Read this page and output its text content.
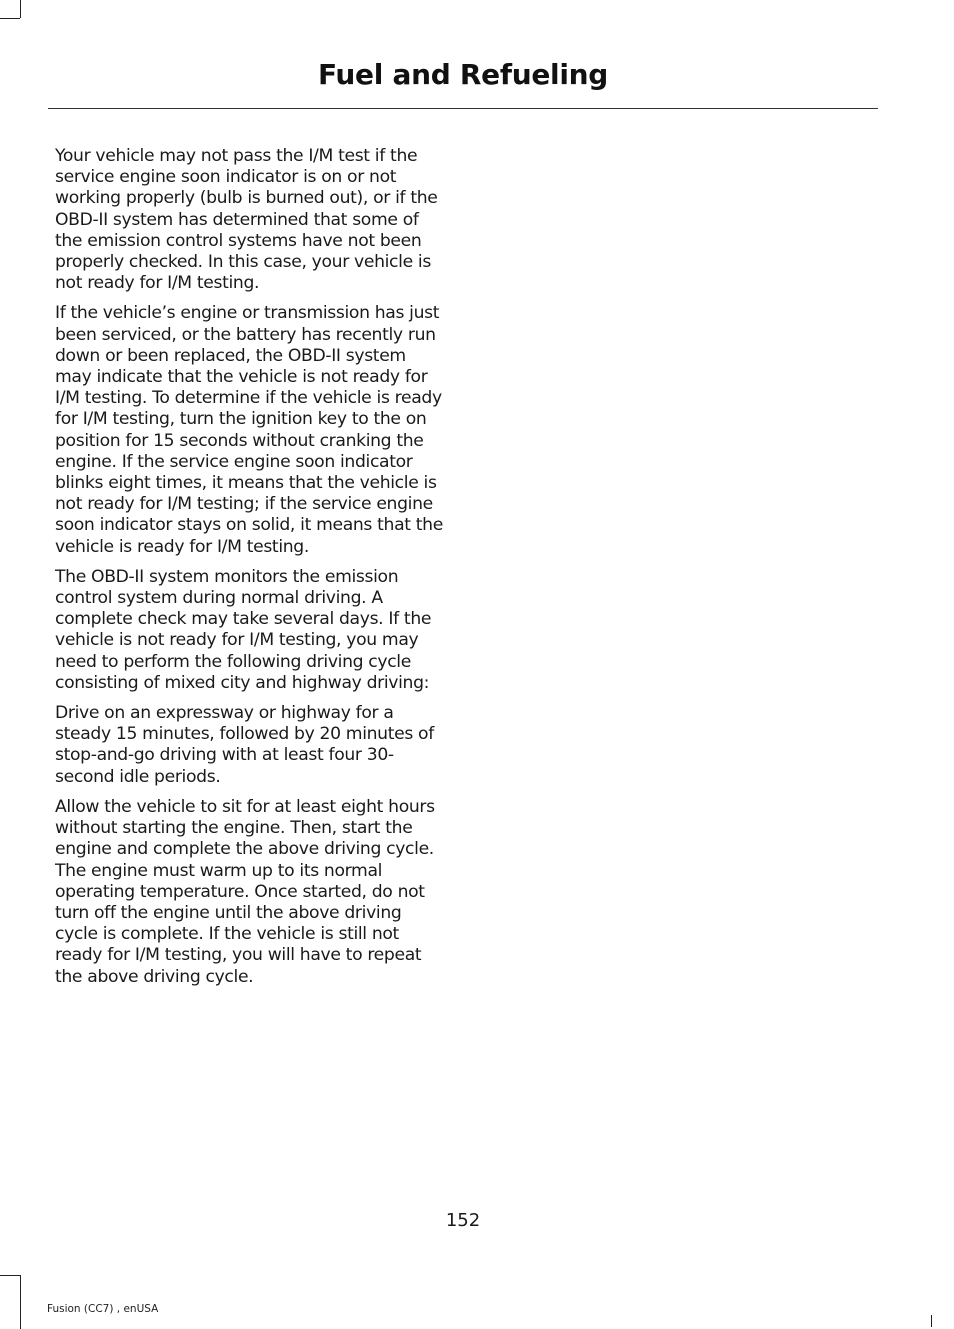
Fuel and Refueling

Your vehicle may not pass the I/M test if the service engine soon indicator is on or not working properly (bulb is burned out), or if the OBD-II system has determined that some of the emission control systems have not been properly checked. In this case, your vehicle is not ready for I/M testing.

If the vehicle’s engine or transmission has just been serviced, or the battery has recently run down or been replaced, the OBD-II system may indicate that the vehicle is not ready for I/M testing. To determine if the vehicle is ready for I/M testing, turn the ignition key to the on position for 15 seconds without cranking the engine. If the service engine soon indicator blinks eight times, it means that the vehicle is not ready for I/M testing; if the service engine soon indicator stays on solid, it means that the vehicle is ready for I/M testing.

The OBD-II system monitors the emission control system during normal driving. A complete check may take several days. If the vehicle is not ready for I/M testing, you may need to perform the following driving cycle consisting of mixed city and highway driving:

Drive on an expressway or highway for a steady 15 minutes, followed by 20 minutes of stop-and-go driving with at least four 30-second idle periods.

Allow the vehicle to sit for at least eight hours without starting the engine. Then, start the engine and complete the above driving cycle. The engine must warm up to its normal operating temperature. Once started, do not turn off the engine until the above driving cycle is complete. If the vehicle is still not ready for I/M testing, you will have to repeat the above driving cycle.

152
Fusion (CC7) , enUSA
